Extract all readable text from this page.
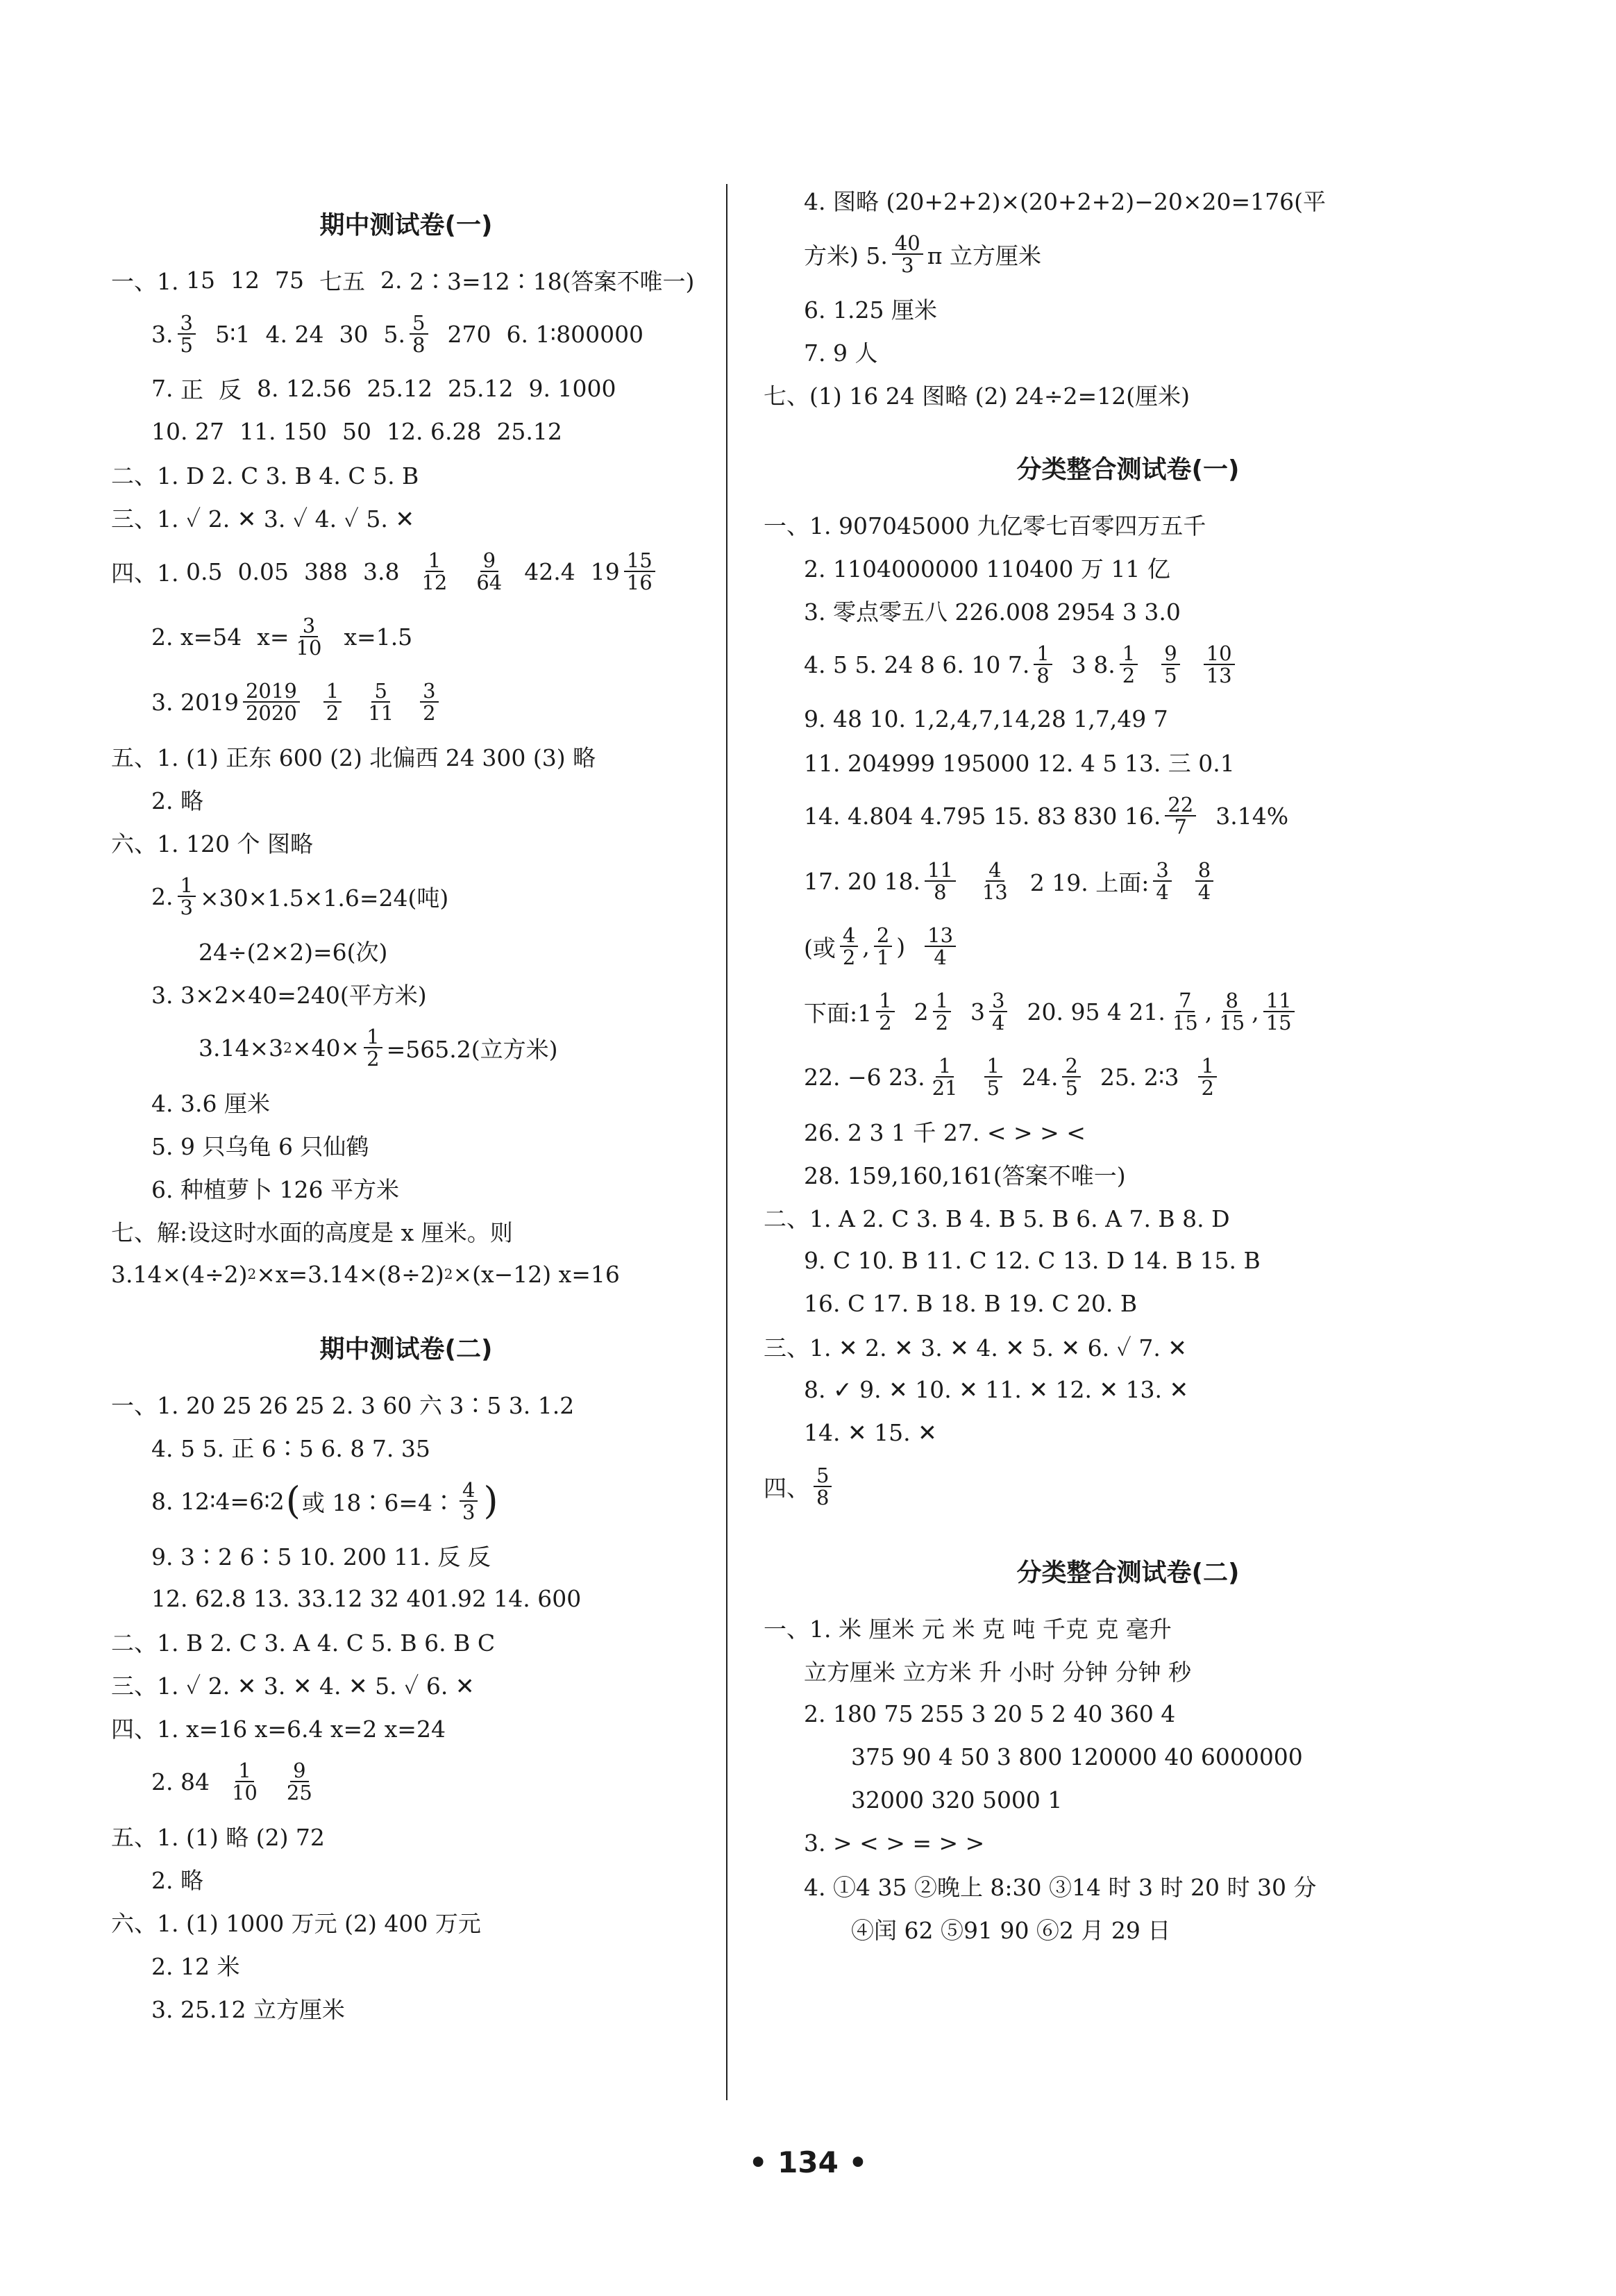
期中测试卷(一)
一、1.
15 12 75 七五 2.
2∶3=12∶18(答案不唯一)
3. $\frac{3}{5}$ 5∶1 4.
24 30 5. $\frac{5}{8} 270$ 6.
1∶800000
7.
正 反 8.
12.56 25.12 25.12 9.
1000
10.
27 11.
150 50 12.
6.28 25.12
二、1. D 2. C 3. B 4. C 5. B
三、1. ✓ 2. ✕ 3. ✓ 4. ✓ 5. ✕
四、1.
0.5 0.05 388 $3.8 \frac{1}{12} \frac{9}{64} 42.4$ $19 \frac{15}{16}$
2.
x=54 $x= \frac{3}{10} x=1.5$
3.
$2019 \frac{2019}{2020} \frac{1}{2} \frac{5}{11} \frac{3}{2}$
五、1. (1) 正东 600 (2) 北偏西 24 300 (3) 略
2. 略
六、1. 120 个 图略
2. $\frac{1}{3} \times 30\times 1.5\times 1.6=24$(吨)
24÷(2×2)=6(次)
3. 3×2×40=240(平方米)
3.14×3 $2 \times 40\times \frac{1}{2} =565.2$(立方米)
4. 3.6 厘米
5. 9 只乌龟 6 只仙鹤
6. 种植萝卜 126 平方米
七、解:设这时水面的高度是 x 厘米。则
3.14×(4÷2) 2 ×x=3.14×(8÷2) 2 ×(x−12) x=16
期中测试卷(二)
一、1. 20 25 26 25 2. 3 60 六 3∶5 3. 1.2
4. 5 5. 正 6∶5 6. 8 7. 35
8. 12∶4=6∶2 ( 或 18∶6=4∶ $\frac{4}{3}$ )
9. 3∶2 6∶5 10. 200 11. 反 反
12. 62.8 13. 33.12 32 401.92 14. 600
二、1. B 2. C 3. A 4. C 5. B 6. B C
三、1. ✓ 2. ✕ 3. ✕ 4. ✕ 5. ✓ 6. ✕
四、1. x=16 x=6.4 x=2 x=24
2. $84 \frac{1}{10} \frac{9}{25}$
五、1. (1) 略 (2) 72
2. 略
六、1. (1) 1000 万元 (2) 400 万元
2. 12 米
3. 25.12 立方厘米
4. 图略 (20+2+2)×(20+2+2)−20×20=176(平
方米) 5. $\frac{40}{3}$ π 立方厘米
6. 1.25 厘米
7. 9 人
七、(1) 16 24 图略 (2) 24÷2=12(厘米)
分类整合测试卷(一)
一、1. 907045000 九亿零七百零四万五千
2. 1104000000 110400 万 11 亿
3. 零点零五八 226.008 2954 3 3.0
4. 5 5. 24 8 6. 10 7. $\frac{1}{8} 3$ 8. $\frac{1}{2} \frac{9}{5} \frac{10}{13}$
9. 48 10. 1,2,4,7,14,28 1,7,49 7
11. 204999 195000 12. 4 5 13. 三 0.1
14. 4.804 4.795 15. 83 830 16. $\frac{22}{7} 3.14\%$
17. 20 18. $\frac{11}{8} \frac{4}{13} 2$ 19. 上面: $\frac{3}{4} \frac{8}{4}$
(或 $\frac{4}{2}$ , $\frac{2}{1}$ ) $\frac{13}{4}$
下面:1 $\frac{1}{2} 2 \frac{1}{2} 3 \frac{3}{4} 20$. 95 4 21. $\frac{7}{15}$ , $\frac{8}{15}$ , $\frac{11}{15}$
22. −6 23. $\frac{1}{21} \frac{1}{5} 24$. $\frac{2}{5} 25$. 2∶3 $\frac{1}{2}$
26. 2 3 1 千 27. < > > <
28. 159,160,161(答案不唯一)
二、1. A 2. C 3. B 4. B 5. B 6. A 7. B 8. D
9. C 10. B 11. C 12. C 13. D 14. B 15. B
16. C 17. B 18. B 19. C 20. B
三、1. ✕ 2. ✕ 3. ✕ 4. ✕ 5. ✕ 6. ✓ 7. ✕
8. ✓ 9. ✕ 10. ✕ 11. ✕ 12. ✕ 13. ✕
14. ✕ 15. ✕
四、 $\frac{5}{8}$
分类整合测试卷(二)
一、1. 米 厘米 元 米 克 吨 千克 克 毫升
立方厘米 立方米 升 小时 分钟 分钟 秒
2. 180 75 255 3 20 5 2 40 360 4
375 90 4 50 3 800 120000 40 6000000
32000 320 5000 1
3. > < > = > >
4. ①4 35 ②晚上 8:30 ③14 时 3 时 20 时 30 分
④闰 62 ⑤91 90 ⑥2 月 29 日
• 134 •
